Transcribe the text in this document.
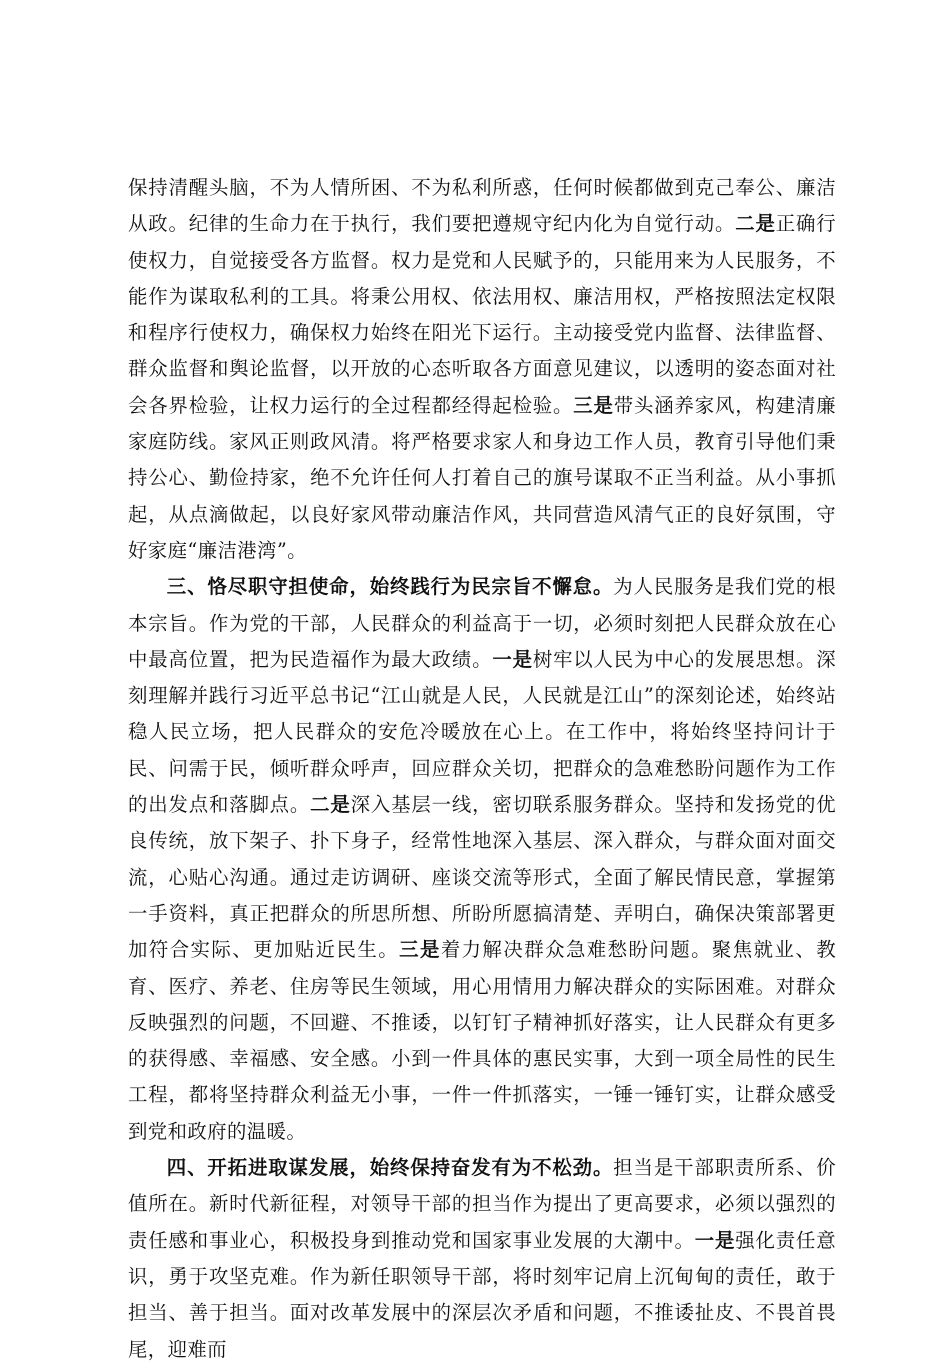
保持清醒头脑，不为人情所困、不为私利所惑，任何时候都做到克己奉公、廉洁从政。纪律的生命力在于执行，我们要把遵规守纪内化为自觉行动。二是正确行使权力，自觉接受各方监督。权力是党和人民赋予的，只能用来为人民服务，不能作为谋取私利的工具。将秉公用权、依法用权、廉洁用权，严格按照法定权限和程序行使权力，确保权力始终在阳光下运行。主动接受党内监督、法律监督、群众监督和舆论监督，以开放的心态听取各方面意见建议，以透明的姿态面对社会各界检验，让权力运行的全过程都经得起检验。三是带头涵养家风，构建清廉家庭防线。家风正则政风清。将严格要求家人和身边工作人员，教育引导他们秉持公心、勤俭持家，绝不允许任何人打着自己的旗号谋取不正当利益。从小事抓起，从点滴做起，以良好家风带动廉洁作风，共同营造风清气正的良好氛围，守好家庭“廉洁港湾”。

三、恪尽职守担使命，始终践行为民宗旨不懈怠。为人民服务是我们党的根本宗旨。作为党的干部，人民群众的利益高于一切，必须时刻把人民群众放在心中最高位置，把为民造福作为最大政绩。一是树牢以人民为中心的发展思想。深刻理解并践行习近平总书记“江山就是人民，人民就是江山”的深刻论述，始终站稳人民立场，把人民群众的安危冷暖放在心上。在工作中，将始终坚持问计于民、问需于民，倾听群众呼声，回应群众关切，把群众的急难愁盼问题作为工作的出发点和落脚点。二是深入基层一线，密切联系服务群众。坚持和发扬党的优良传统，放下架子、扑下身子，经常性地深入基层、深入群众，与群众面对面交流，心贴心沟通。通过走访调研、座谈交流等形式，全面了解民情民意，掌握第一手资料，真正把群众的所思所想、所盼所愿搞清楚、弄明白，确保决策部署更加符合实际、更加贴近民生。三是着力解决群众急难愁盼问题。聚焦就业、教育、医疗、养老、住房等民生领域，用心用情用力解决群众的实际困难。对群众反映强烈的问题，不回避、不推诿，以钉钉子精神抓好落实，让人民群众有更多的获得感、幸福感、安全感。小到一件具体的惠民实事，大到一项全局性的民生工程，都将坚持群众利益无小事，一件一件抓落实，一锤一锤钉实，让群众感受到党和政府的温暖。

四、开拓进取谋发展，始终保持奋发有为不松劲。担当是干部职责所系、价值所在。新时代新征程，对领导干部的担当作为提出了更高要求，必须以强烈的责任感和事业心，积极投身到推动党和国家事业发展的大潮中。一是强化责任意识，勇于攻坚克难。作为新任职领导干部，将时刻牢记肩上沉甸甸的责任，敢于担当、善于担当。面对改革发展中的深层次矛盾和问题，不推诿扯皮、不畏首畏尾，迎难而
